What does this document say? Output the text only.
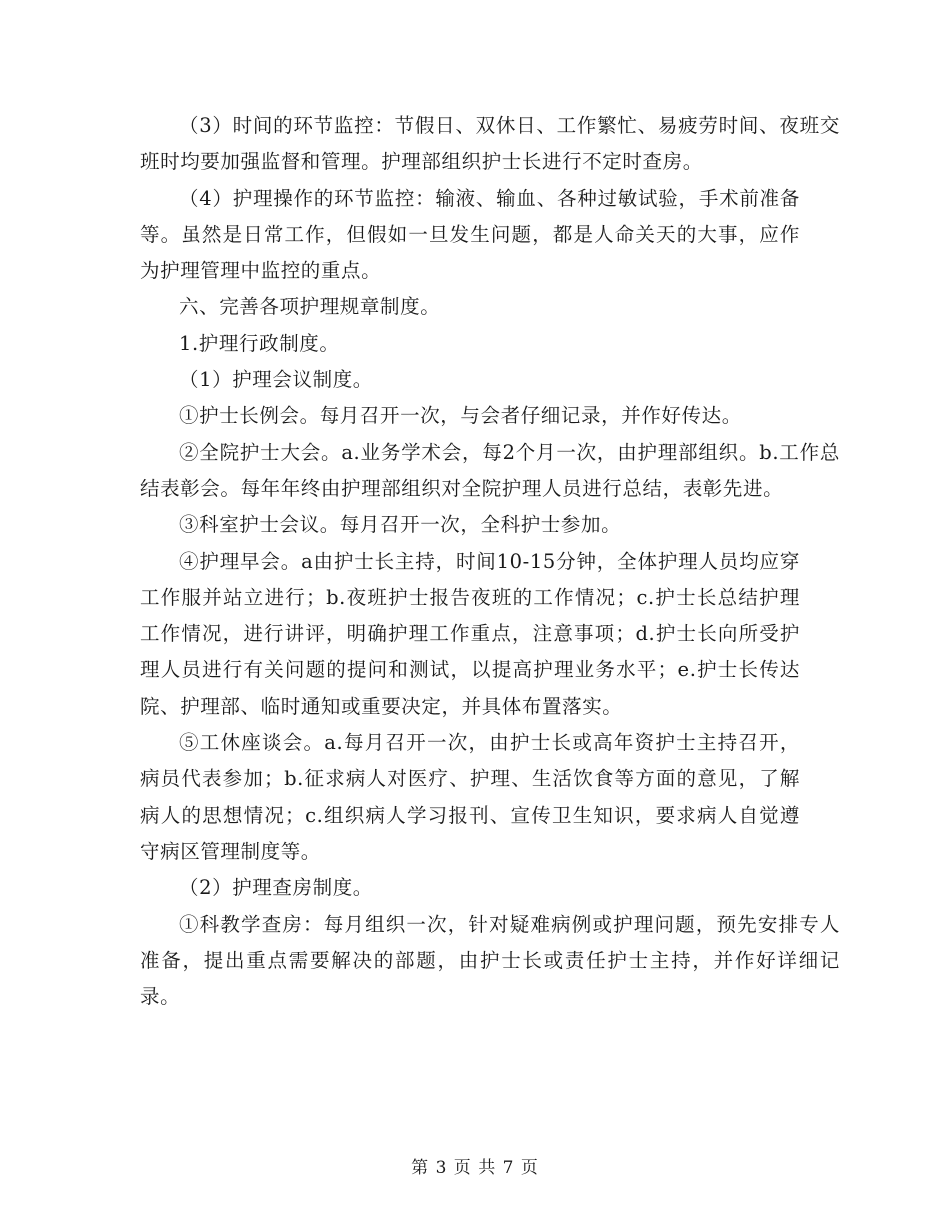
（3）时间的环节监控：节假日、双休日、工作繁忙、易疲劳时间、夜班交班时均要加强监督和管理。护理部组织护士长进行不定时查房。

（4）护理操作的环节监控：输液、输血、各种过敏试验，手术前准备等。虽然是日常工作，但假如一旦发生问题，都是人命关天的大事，应作为护理管理中监控的重点。

六、完善各项护理规章制度。

1.护理行政制度。

（1）护理会议制度。

①护士长例会。每月召开一次，与会者仔细记录，并作好传达。

②全院护士大会。a.业务学术会，每2个月一次，由护理部组织。b.工作总结表彰会。每年年终由护理部组织对全院护理人员进行总结，表彰先进。

③科室护士会议。每月召开一次，全科护士参加。

④护理早会。a由护士长主持，时间10-15分钟，全体护理人员均应穿工作服并站立进行；b.夜班护士报告夜班的工作情况；c.护士长总结护理工作情况，进行讲评，明确护理工作重点，注意事项；d.护士长向所受护理人员进行有关问题的提问和测试，以提高护理业务水平；e.护士长传达院、护理部、临时通知或重要决定，并具体布置落实。

⑤工休座谈会。a.每月召开一次，由护士长或高年资护士主持召开，病员代表参加；b.征求病人对医疗、护理、生活饮食等方面的意见，了解病人的思想情况；c.组织病人学习报刊、宣传卫生知识，要求病人自觉遵守病区管理制度等。

（2）护理查房制度。

①科教学查房：每月组织一次，针对疑难病例或护理问题，预先安排专人准备，提出重点需要解决的部题，由护士长或责任护士主持，并作好详细记录。

第 3 页 共 7 页
